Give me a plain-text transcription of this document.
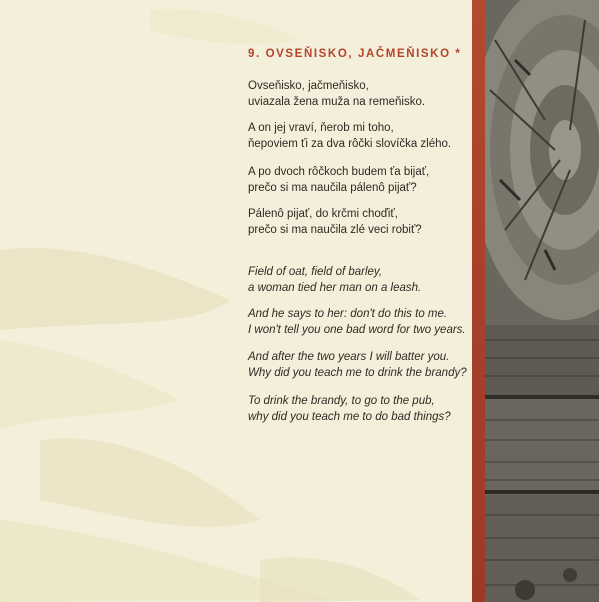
9. OVSEŇISKO, JAČMEŇISKO *
Ovseňisko, jačmeňisko,
uviazala žena muža na remeňisko.
A on jej vraví, ňerob mi toho,
ňepoviem ťi za dva rôčki slovíčka zlého.
A po dvoch rôčkoch budem ťa bijať,
prečo si ma naučila pálenô pijať?
Pálenô pijať, do krčmi choďiť,
prečo si ma naučila zlé veci robiť?
Field of oat, field of barley,
a woman tied her man on a leash.
And he says to her: don't do this to me.
I won't tell you one bad word for two years.
And after the two years I will batter you.
Why did you teach me to drink the brandy?
To drink the brandy, to go to the pub,
why did you teach me to do bad things?
